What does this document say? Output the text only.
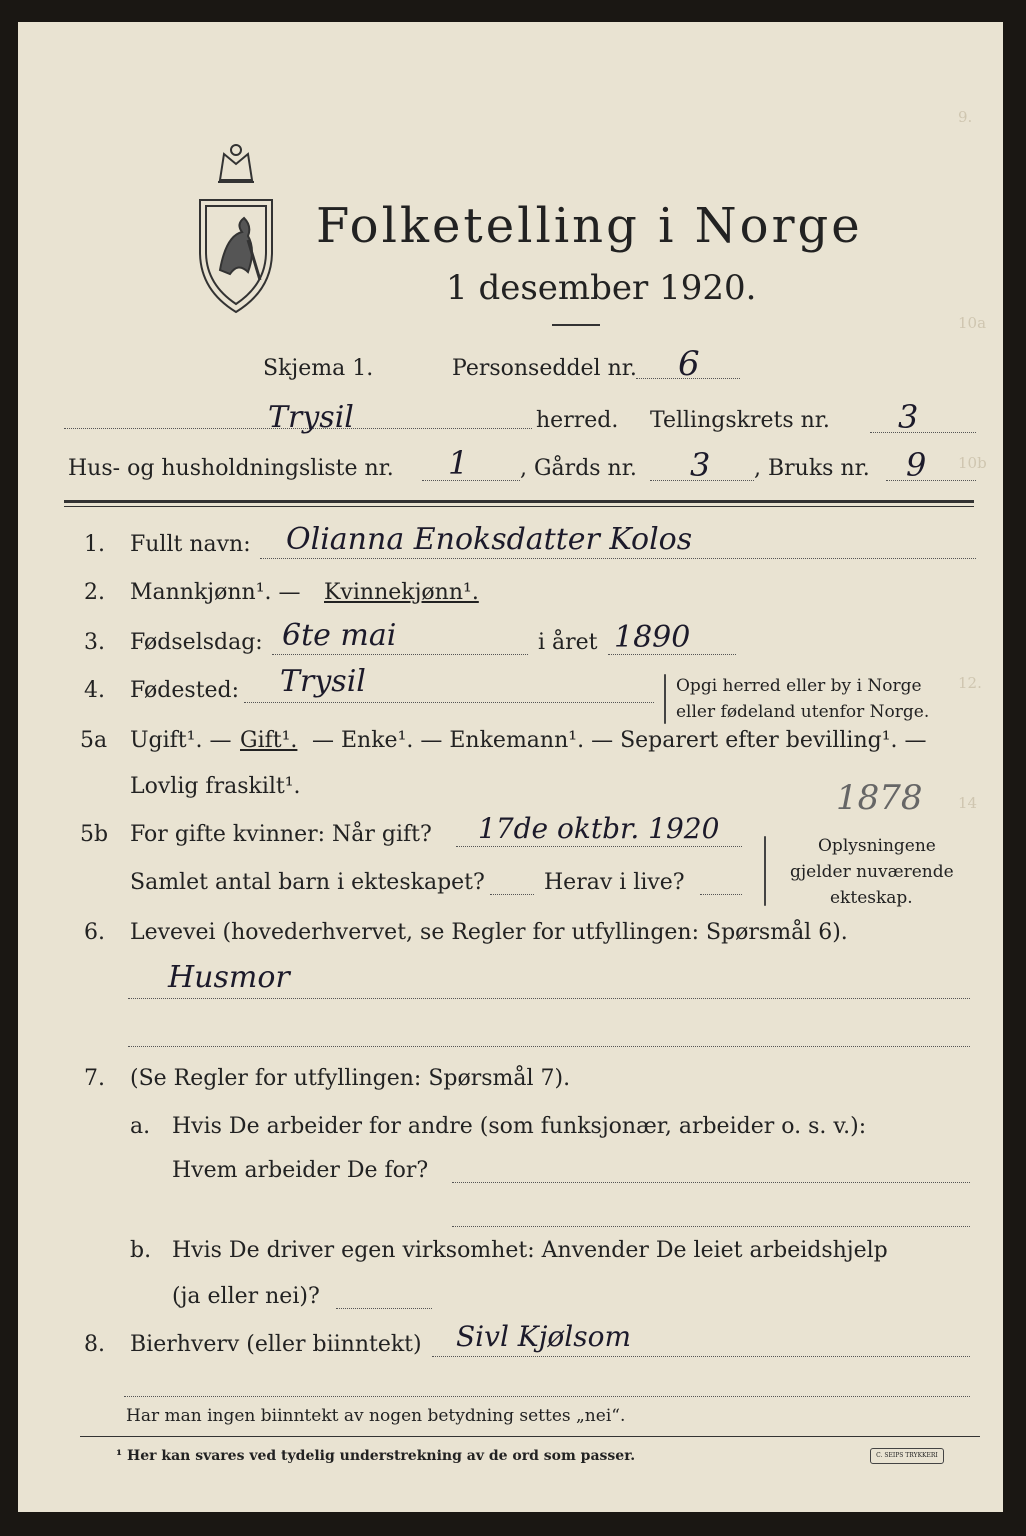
9.
10a
10b
12.
14
Folketelling i Norge
1 desember 1920.
Skjema 1.	Personseddel nr. 6
Trysil	herred. Tellingskrets nr. 3
Hus- og husholdningsliste nr. 1 , Gårds nr. 3 , Bruks nr. 9
1. Fullt navn: Olianna Enoksdatter Kolos
2. Mannkjønn¹. — Kvinnekjønn¹.
3. Fødselsdag: 6te mai	i året 1890
4. Fødested: Trysil	Opgi herred eller by i Norge
eller fødeland utenfor Norge.
5a Ugift¹. — Gift¹. — Enke¹. — Enkemann¹. — Separert efter bevilling¹. —
Lovlig fraskilt¹.	1878
5b For gifte kvinner: Når gift? 17de oktbr. 1920
Samlet antal barn i ekteskapet?	Herav i live?
Oplysningene
gjelder nuværende
ekteskap.
6. Levevei (hovederhvervet, se Regler for utfyllingen: Spørsmål 6).
Husmor
7. (Se Regler for utfyllingen: Spørsmål 7).
a. Hvis De arbeider for andre (som funksjonær, arbeider o. s. v.):
Hvem arbeider De for?
b. Hvis De driver egen virksomhet: Anvender De leiet arbeidshjelp
(ja eller nei)?
8. Bierhverv (eller biinntekt) Sivl Kjølsom
Har man ingen biinntekt av nogen betydning settes „nei“.
¹ Her kan svares ved tydelig understrekning av de ord som passer.	C. SEIPS TRYKKERI
